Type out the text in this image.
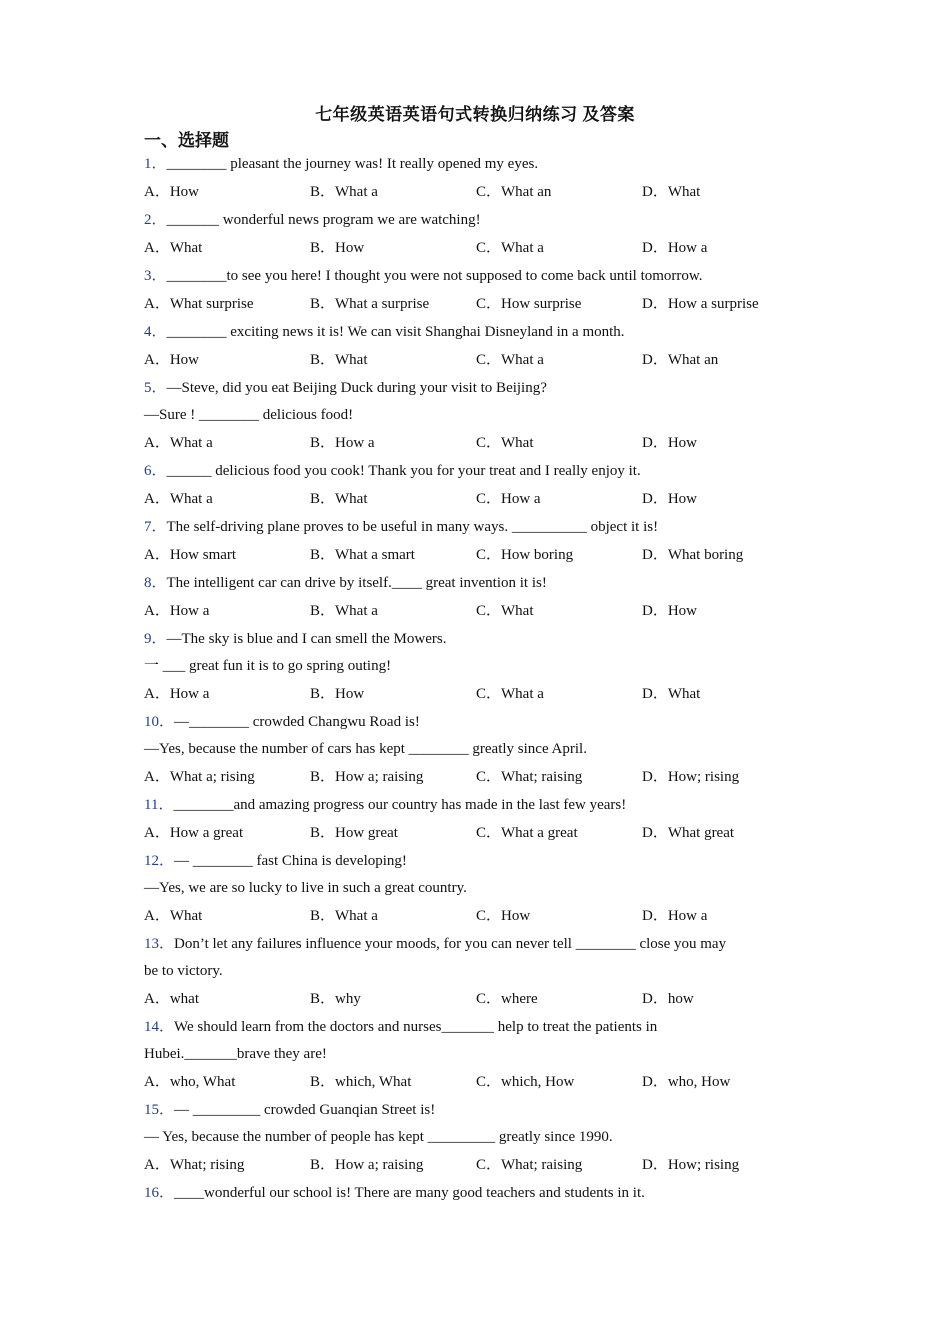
七年级英语英语句式转换归纳练习 及答案
一、选择题
1．________ pleasant the journey was! It really opened my eyes.
A．How	B．What a	C．What an	D．What
2．_______ wonderful news program we are watching!
A．What	B．How	C．What a	D．How a
3．________to see you here! I thought you were not supposed to come back until tomorrow.
A．What surprise	B．What a surprise	C．How surprise	D．How a surprise
4．________ exciting news it is! We can visit Shanghai Disneyland in a month.
A．How	B．What	C．What a	D．What an
5．—Steve, did you eat Beijing Duck during your visit to Beijing?
—Sure ! ________ delicious food!
A．What a	B．How a	C．What	D．How
6．______ delicious food you cook! Thank you for your treat and I really enjoy it.
A．What a	B．What	C．How a	D．How
7．The self-driving plane proves to be useful in many ways. __________ object it is!
A．How smart	B．What a smart	C．How boring	D．What boring
8．The intelligent car can drive by itself.____ great invention it is!
A．How a	B．What a	C．What	D．How
9．—The sky is blue and I can smell the Mowers.
一 ___ great fun it is to go spring outing!
A．How a	B．How	C．What a	D．What
10．—________ crowded Changwu Road is!
—Yes, because the number of cars has kept ________ greatly since April.
A．What a; rising	B．How a; raising	C．What; raising	D．How; rising
11．________and amazing progress our country has made in the last few years!
A．How a great	B．How great	C．What a great	D．What great
12．— ________ fast China is developing!
—Yes, we are so lucky to live in such a great country.
A．What	B．What a	C．How	D．How a
13．Don’t let any failures influence your moods, for you can never tell ________ close you may
be to victory.
A．what	B．why	C．where	D．how
14．We should learn from the doctors and nurses_______ help to treat the patients in
Hubei._______brave they are!
A．who, What	B．which, What	C．which, How	D．who, How
15．— _________ crowded Guanqian Street is!
— Yes, because the number of people has kept _________ greatly since 1990.
A．What; rising	B．How a; raising	C．What; raising	D．How; rising
16．____wonderful our school is! There are many good teachers and students in it.
